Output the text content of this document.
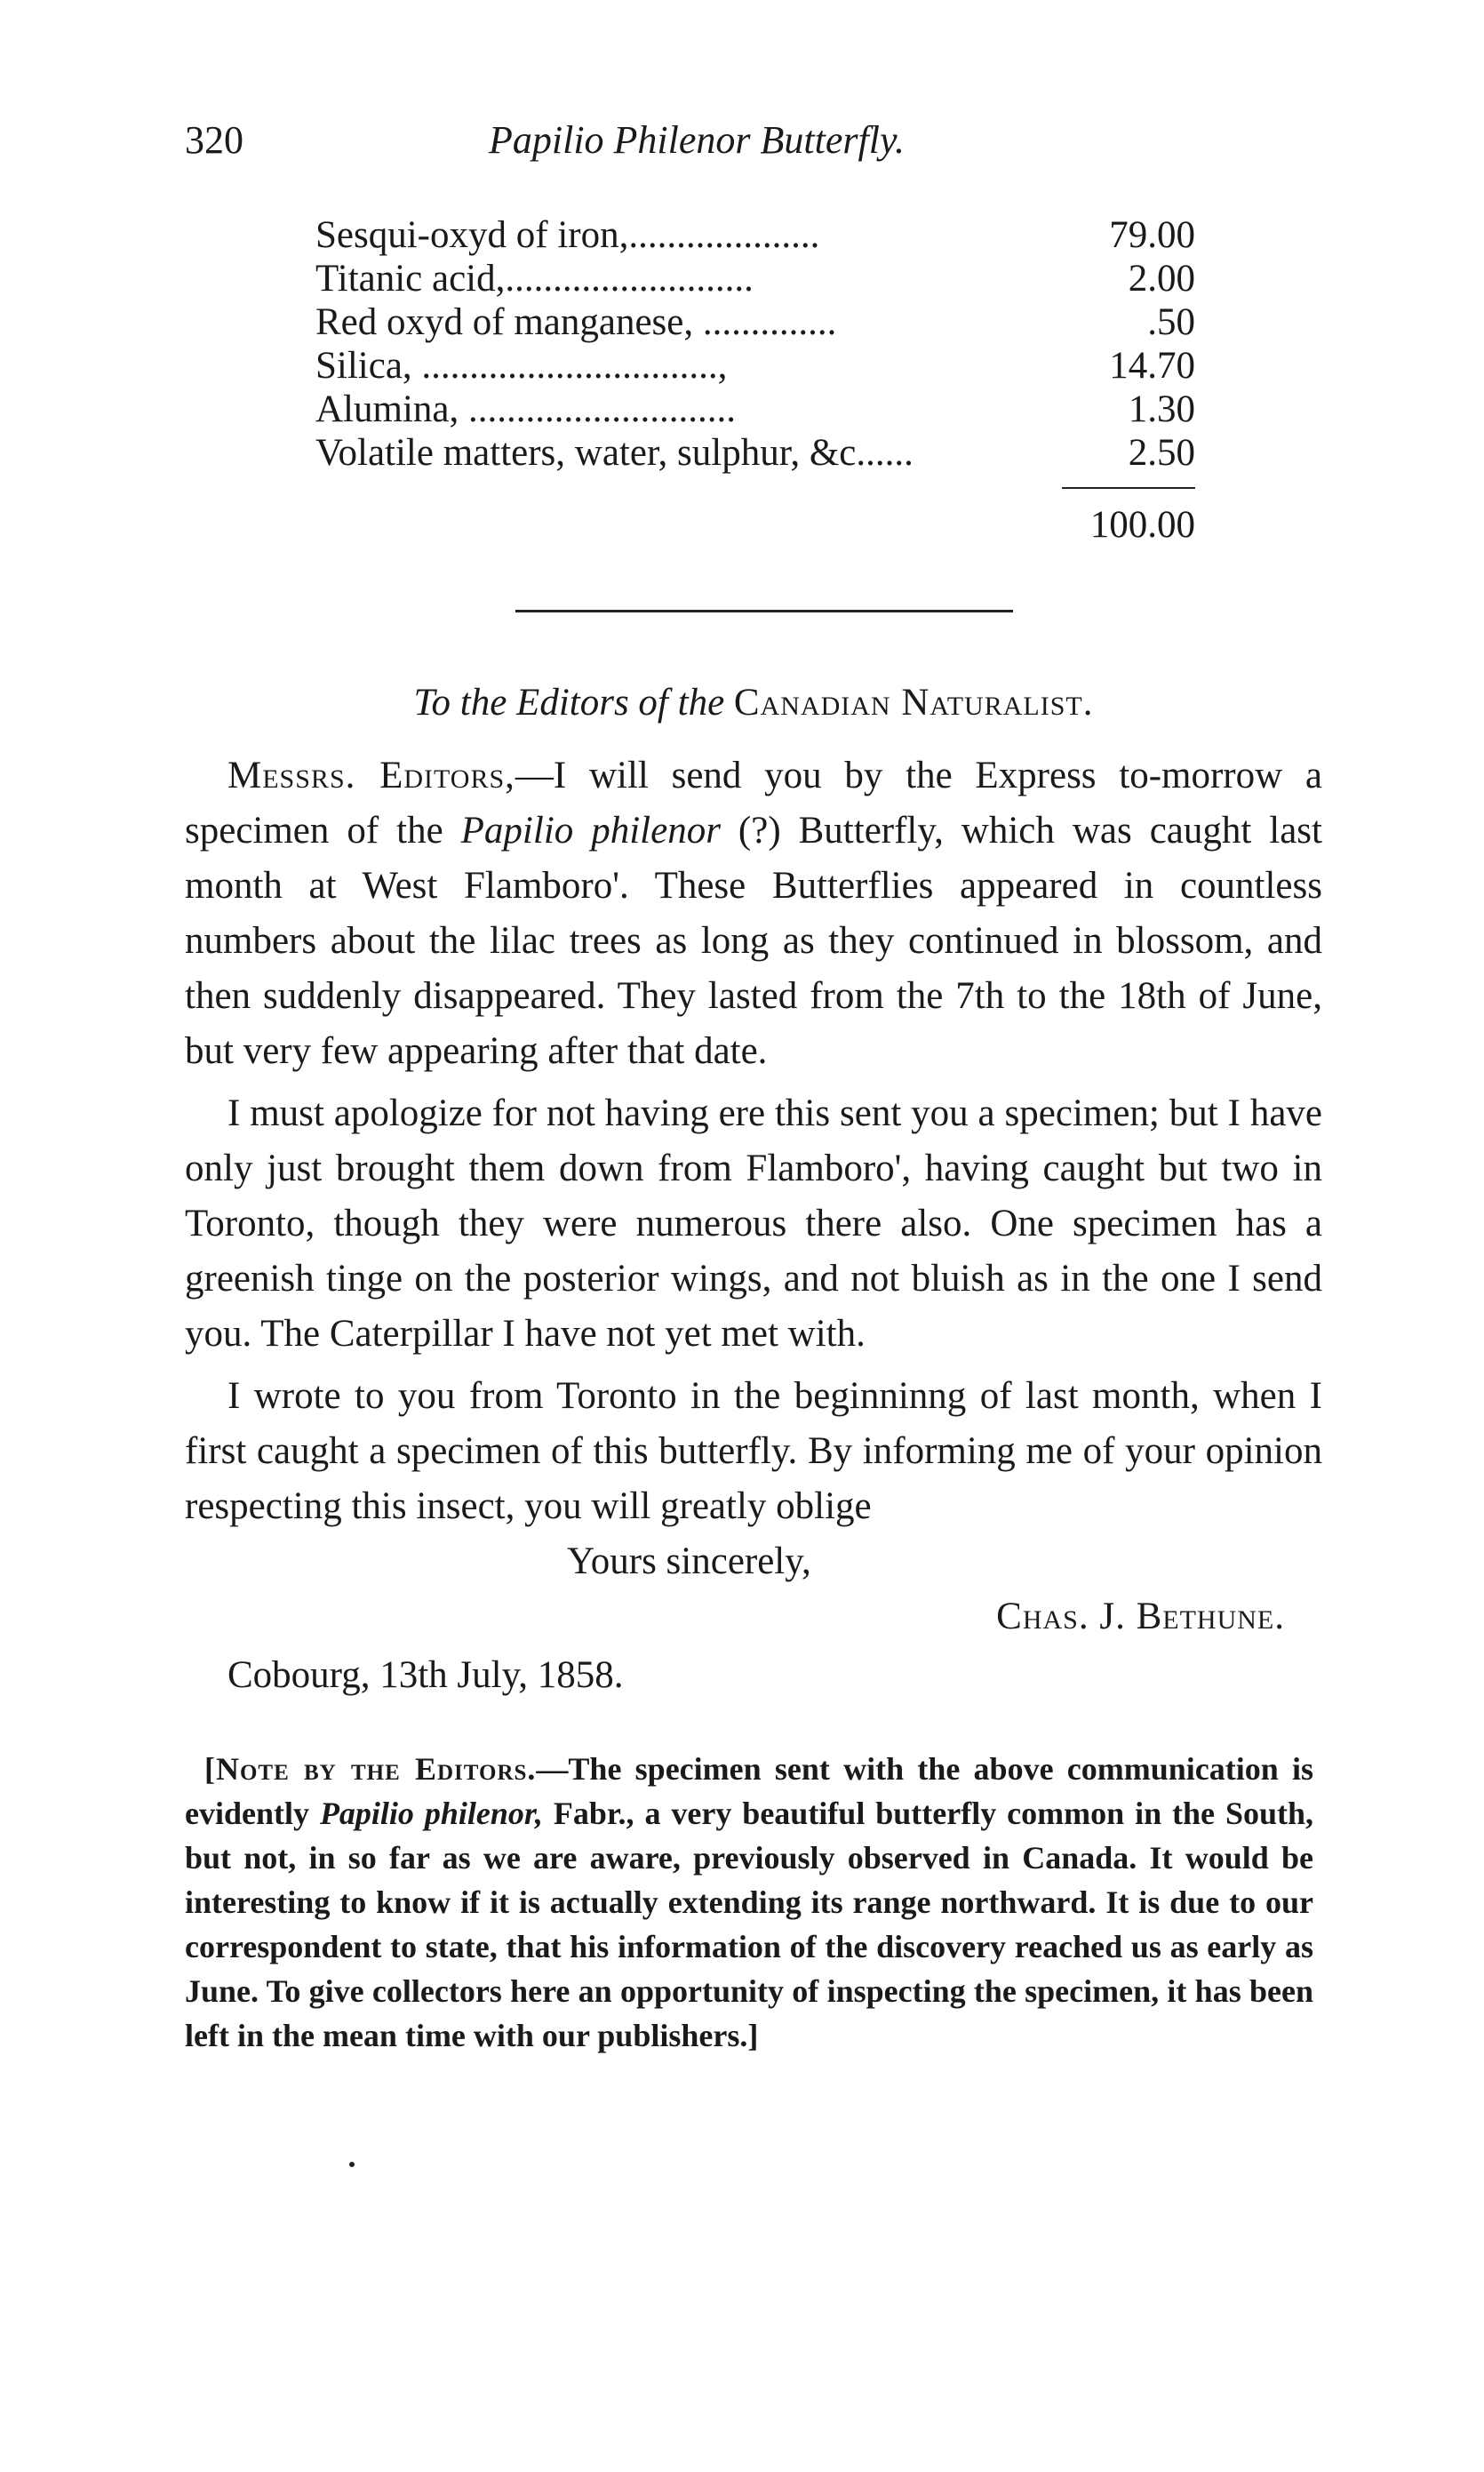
320	Papilio Philenor Butterfly.
Sesqui-oxyd of iron,....................	79.00
Titanic acid,..........................	2.00
Red oxyd of manganese, ..............	.50
Silica, ...............................,	14.70
Alumina, ............................	1.30
Volatile matters, water, sulphur, &c......	2.50
100.00
To the Editors of the Canadian Naturalist.

Messrs. Editors,—I will send you by the Express to-morrow a specimen of the Papilio philenor (?) Butterfly, which was caught last month at West Flamboro'. These Butterflies appeared in countless numbers about the lilac trees as long as they continued in blossom, and then suddenly disappeared. They lasted from the 7th to the 18th of June, but very few appearing after that date.

I must apologize for not having ere this sent you a specimen; but I have only just brought them down from Flamboro', having caught but two in Toronto, though they were numerous there also. One specimen has a greenish tinge on the posterior wings, and not bluish as in the one I send you. The Caterpillar I have not yet met with.

I wrote to you from Toronto in the beginninng of last month, when I first caught a specimen of this butterfly. By informing me of your opinion respecting this insect, you will greatly oblige

Yours sincerely,
Chas. J. Bethune.
Cobourg, 13th July, 1858.
[Note by the Editors.—The specimen sent with the above communication is evidently Papilio philenor, Fabr., a very beautiful butterfly common in the South, but not, in so far as we are aware, previously observed in Canada. It would be interesting to know if it is actually extending its range northward. It is due to our correspondent to state, that his information of the discovery reached us as early as June. To give collectors here an opportunity of inspecting the specimen, it has been left in the mean time with our publishers.]
